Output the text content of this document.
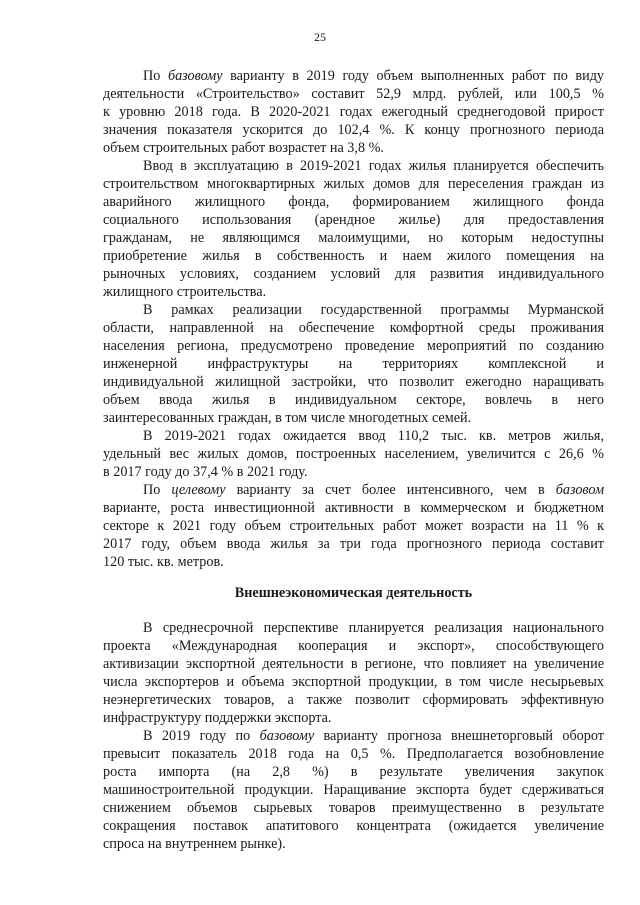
25
По базовому варианту в 2019 году объем выполненных работ по виду
деятельности «Строительство» составит 52,9 млрд. рублей, или 100,5 %
к уровню 2018 года. В 2020-2021 годах ежегодный среднегодовой прирост
значения показателя ускорится до 102,4 %. К концу прогнозного периода
объем строительных работ возрастет на 3,8 %.
Ввод в эксплуатацию в 2019-2021 годах жилья планируется обеспечить
строительством многоквартирных жилых домов для переселения граждан из
аварийного жилищного фонда, формированием жилищного фонда
социального использования (арендное жилье) для предоставления
гражданам, не являющимся малоимущими, но которым недоступны
приобретение жилья в собственность и наем жилого помещения на
рыночных условиях, созданием условий для развития индивидуального
жилищного строительства.
В рамках реализации государственной программы Мурманской
области, направленной на обеспечение комфортной среды проживания
населения региона, предусмотрено проведение мероприятий по созданию
инженерной инфраструктуры на территориях комплексной и
индивидуальной жилищной застройки, что позволит ежегодно наращивать
объем ввода жилья в индивидуальном секторе, вовлечь в него
заинтересованных граждан, в том числе многодетных семей.
В 2019-2021 годах ожидается ввод 110,2 тыс. кв. метров жилья,
удельный вес жилых домов, построенных населением, увеличится с 26,6 %
в 2017 году до 37,4 % в 2021 году.
По целевому варианту за счет более интенсивного, чем в базовом
варианте, роста инвестиционной активности в коммерческом и бюджетном
секторе к 2021 году объем строительных работ может возрасти на 11 % к
2017 году, объем ввода жилья за три года прогнозного периода составит
120 тыс. кв. метров.
В среднесрочной перспективе планируется реализация национального
проекта «Международная кооперация и экспорт», способствующего
активизации экспортной деятельности в регионе, что повлияет на увеличение
числа экспортеров и объема экспортной продукции, в том числе несырьевых
неэнергетических товаров, а также позволит сформировать эффективную
инфраструктуру поддержки экспорта.
В 2019 году по базовому варианту прогноза внешнеторговый оборот
превысит показатель 2018 года на 0,5 %. Предполагается возобновление
роста импорта (на 2,8 %) в результате увеличения закупок
машиностроительной продукции. Наращивание экспорта будет сдерживаться
снижением объемов сырьевых товаров преимущественно в результате
сокращения поставок апатитового концентрата (ожидается увеличение
спроса на внутреннем рынке).
Внешнеэкономическая деятельность
